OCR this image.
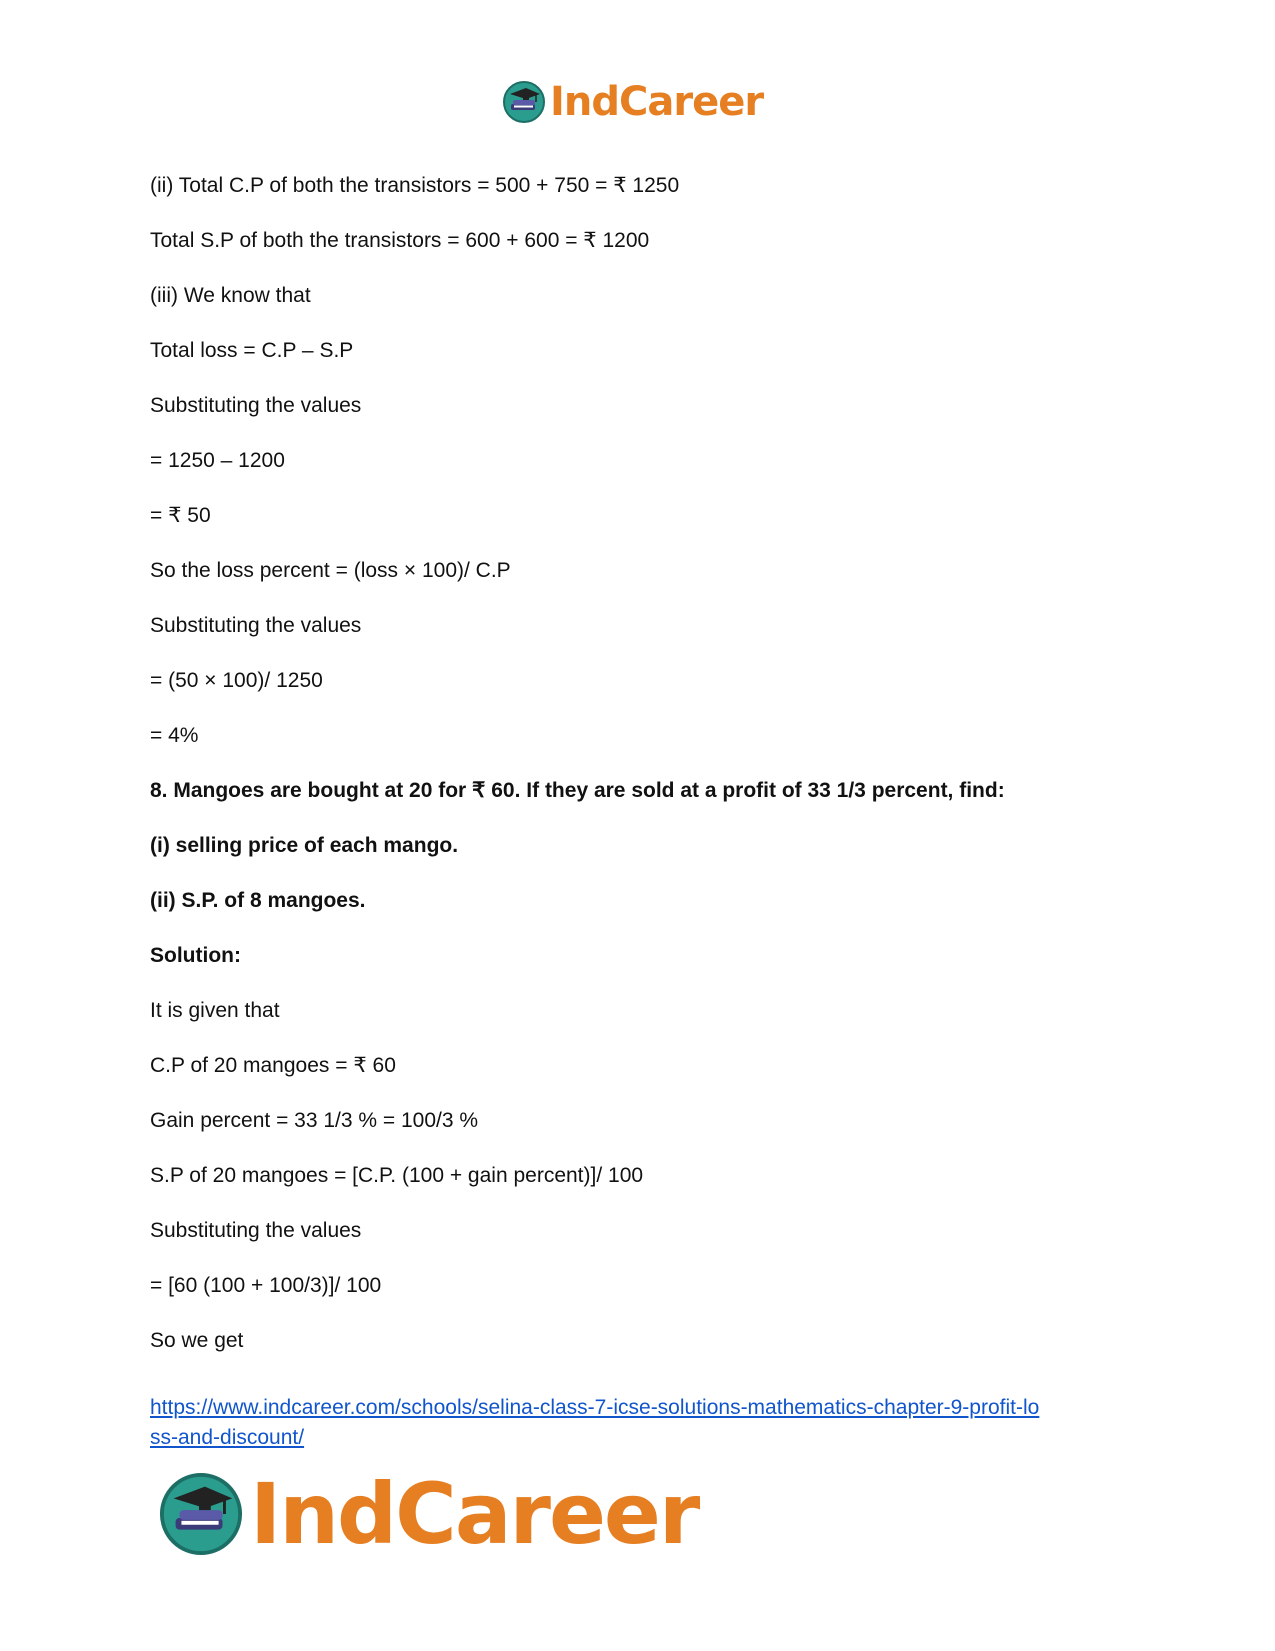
IndCareer
(ii) Total C.P of both the transistors = 500 + 750 = ₹ 1250
Total S.P of both the transistors = 600 + 600 = ₹ 1200
(iii) We know that
Total loss = C.P – S.P
Substituting the values
= 1250 – 1200
= ₹ 50
So the loss percent = (loss × 100)/ C.P
Substituting the values
= (50 × 100)/ 1250
= 4%
8. Mangoes are bought at 20 for ₹ 60. If they are sold at a profit of 33 1/3 percent, find:
(i) selling price of each mango.
(ii) S.P. of 8 mangoes.
Solution:
It is given that
C.P of 20 mangoes = ₹ 60
Gain percent = 33 1/3 % = 100/3 %
S.P of 20 mangoes = [C.P. (100 + gain percent)]/ 100
Substituting the values
= [60 (100 + 100/3)]/ 100
So we get
https://www.indcareer.com/schools/selina-class-7-icse-solutions-mathematics-chapter-9-profit-lo
ss-and-discount/
IndCareer
